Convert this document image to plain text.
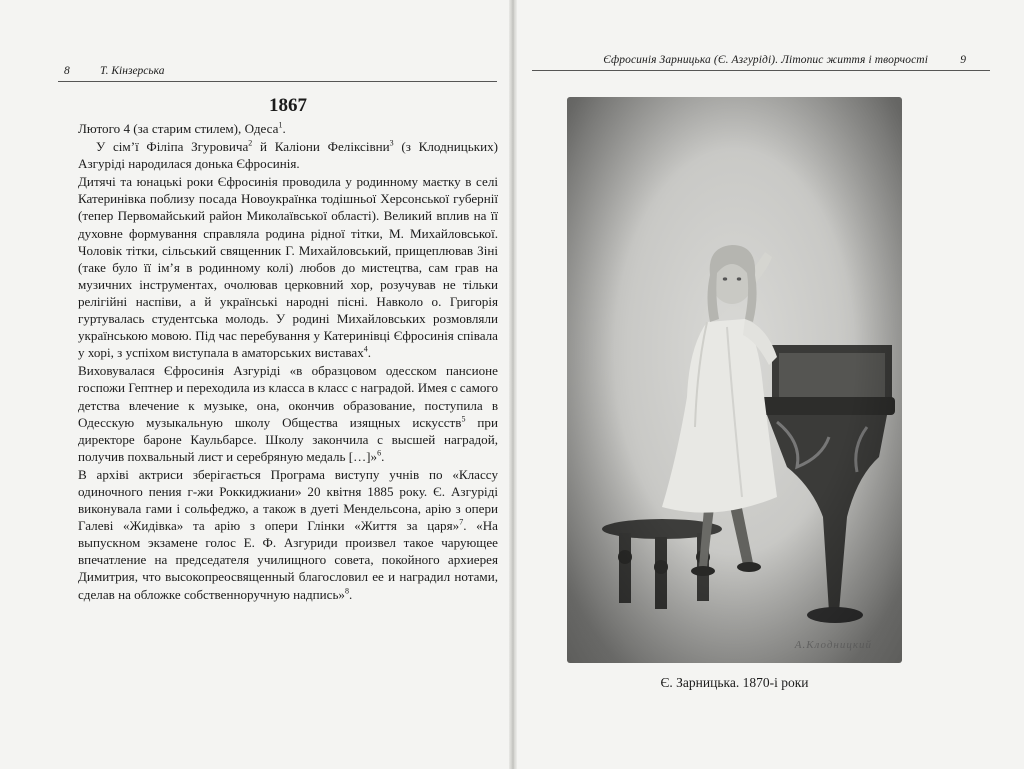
8	Т. Кінзерська
Єфросинія Зарницька (Є. Азгуріді). Літопис життя і творчості	9
1867

Лютого 4 (за старим стилем), Одеса$^1$.

У сім’ї Філіпа Згуровича$^2$ й Каліони Феліксівни$^3$ (з Клодницьких) Азгуріді народилася донька Єфросинія.

Дитячі та юнацькі роки Єфросинія проводила у родинному маєтку в селі Катеринівка поблизу посада Новоукраїнка тодішньої Херсонської губернії (тепер Первомайський район Миколаївської області). Великий вплив на її духовне формування справляла родина рідної тітки, М. Михайловської. Чоловік тітки, сільський священник Г. Михайловський, прищеплював Зіні (таке було її ім’я в родинному колі) любов до мистецтва, сам грав на музичних інструментах, очолював церковний хор, розучував не тільки релігійні наспіви, а й українські народні пісні. Навколо о. Григорія гуртувалась студентська молодь. У родині Михайловських розмовляли українською мовою. Під час перебування у Катеринівці Єфросинія співала у хорі, з успіхом виступала в аматорських виставах$^4$.

Виховувалася Єфросинія Азгуріді «в образцовом одесском пансионе госпожи Гептнер и переходила из класса в класс с наградой. Имея с самого детства влечение к музыке, она, окончив образование, поступила в Одесскую музыкальную школу Общества изящных искусств$^5$ при директоре бароне Каульбарсе. Школу закончила с высшей наградой, получив похвальный лист и серебряную медаль […]»$^6$.

В архіві актриси зберігається Програма виступу учнів по «Классу одиночного пения г-жи Роккиджиани» 20 квітня 1885 року. Є. Азгуріді виконувала гами і сольфеджо, а також в дуеті Мендельсона, арію з опери Галеві «Жидівка» та арію з опери Глінки «Життя за царя»$^7$. «На выпускном экзамене голос Е. Ф. Азгуриди произвел такое чарующее впечатление на председателя училищного совета, покойного архиерея Димитрия, что высокопреосвященный благословил ее и наградил нотами, сделав на обложке собственноручную надпись»$^8$.

А.Клодницкий
Є. Зарницька. 1870-і роки
